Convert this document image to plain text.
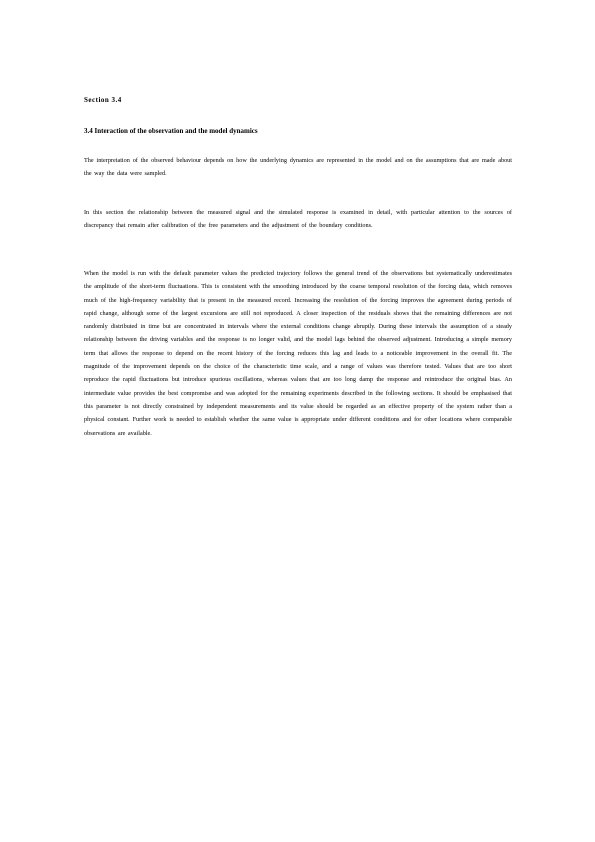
Section 3.4
3.4 Interaction of the observation and the model dynamics
The interpretation of the observed behaviour depends on how the underlying dynamics are represented in the model and on the assumptions that are made about the way the data were sampled.
In this section the relationship between the measured signal and the simulated response is examined in detail, with particular attention to the sources of discrepancy that remain after calibration of the free parameters and the adjustment of the boundary conditions.
When the model is run with the default parameter values the predicted trajectory follows the general trend of the observations but systematically underestimates the amplitude of the short-term fluctuations. This is consistent with the smoothing introduced by the coarse temporal resolution of the forcing data, which removes much of the high-frequency variability that is present in the measured record. Increasing the resolution of the forcing improves the agreement during periods of rapid change, although some of the largest excursions are still not reproduced. A closer inspection of the residuals shows that the remaining differences are not randomly distributed in time but are concentrated in intervals where the external conditions change abruptly. During these intervals the assumption of a steady relationship between the driving variables and the response is no longer valid, and the model lags behind the observed adjustment. Introducing a simple memory term that allows the response to depend on the recent history of the forcing reduces this lag and leads to a noticeable improvement in the overall fit. The magnitude of the improvement depends on the choice of the characteristic time scale, and a range of values was therefore tested. Values that are too short reproduce the rapid fluctuations but introduce spurious oscillations, whereas values that are too long damp the response and reintroduce the original bias. An intermediate value provides the best compromise and was adopted for the remaining experiments described in the following sections. It should be emphasised that this parameter is not directly constrained by independent measurements and its value should be regarded as an effective property of the system rather than a physical constant. Further work is needed to establish whether the same value is appropriate under different conditions and for other locations where comparable observations are available.
